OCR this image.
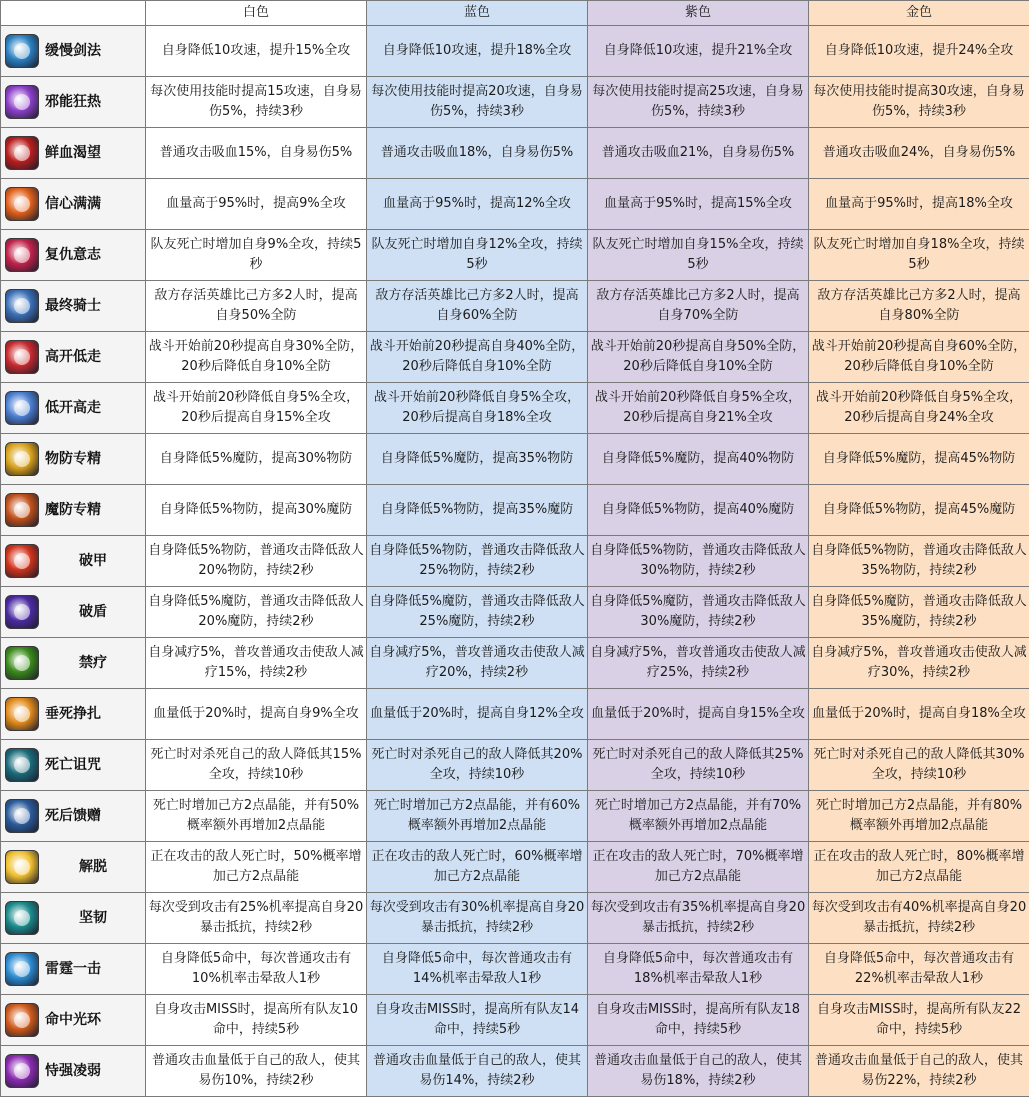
	白色	蓝色	紫色	金色

缓慢剑法	自身降低10攻速，提升15%全攻	自身降低10攻速，提升18%全攻	自身降低10攻速，提升21%全攻	自身降低10攻速，提升24%全攻

邪能狂热	每次使用技能时提高15攻速，自身易伤5%，持续3秒	每次使用技能时提高20攻速，自身易伤5%，持续3秒	每次使用技能时提高25攻速，自身易伤5%，持续3秒	每次使用技能时提高30攻速，自身易伤5%，持续3秒

鲜血渴望	普通攻击吸血15%，自身易伤5%	普通攻击吸血18%，自身易伤5%	普通攻击吸血21%，自身易伤5%	普通攻击吸血24%，自身易伤5%

信心满满	血量高于95%时，提高9%全攻	血量高于95%时，提高12%全攻	血量高于95%时，提高15%全攻	血量高于95%时，提高18%全攻

复仇意志	队友死亡时增加自身9%全攻，持续5秒	队友死亡时增加自身12%全攻，持续5秒	队友死亡时增加自身15%全攻，持续5秒	队友死亡时增加自身18%全攻，持续5秒

最终骑士	敌方存活英雄比己方多2人时，提高自身50%全防	敌方存活英雄比己方多2人时，提高自身60%全防	敌方存活英雄比己方多2人时，提高自身70%全防	敌方存活英雄比己方多2人时，提高自身80%全防

高开低走	战斗开始前20秒提高自身30%全防，20秒后降低自身10%全防	战斗开始前20秒提高自身40%全防，20秒后降低自身10%全防	战斗开始前20秒提高自身50%全防，20秒后降低自身10%全防	战斗开始前20秒提高自身60%全防，20秒后降低自身10%全防

低开高走	战斗开始前20秒降低自身5%全攻，20秒后提高自身15%全攻	战斗开始前20秒降低自身5%全攻，20秒后提高自身18%全攻	战斗开始前20秒降低自身5%全攻，20秒后提高自身21%全攻	战斗开始前20秒降低自身5%全攻，20秒后提高自身24%全攻

物防专精	自身降低5%魔防，提高30%物防	自身降低5%魔防，提高35%物防	自身降低5%魔防，提高40%物防	自身降低5%魔防，提高45%物防

魔防专精	自身降低5%物防，提高30%魔防	自身降低5%物防，提高35%魔防	自身降低5%物防，提高40%魔防	自身降低5%物防，提高45%魔防

破甲	自身降低5%物防，普通攻击降低敌人20%物防，持续2秒	自身降低5%物防，普通攻击降低敌人25%物防，持续2秒	自身降低5%物防，普通攻击降低敌人30%物防，持续2秒	自身降低5%物防，普通攻击降低敌人35%物防，持续2秒

破盾	自身降低5%魔防，普通攻击降低敌人20%魔防，持续2秒	自身降低5%魔防，普通攻击降低敌人25%魔防，持续2秒	自身降低5%魔防，普通攻击降低敌人30%魔防，持续2秒	自身降低5%魔防，普通攻击降低敌人35%魔防，持续2秒

禁疗	自身减疗5%，普攻普通攻击使敌人减疗15%，持续2秒	自身减疗5%，普攻普通攻击使敌人减疗20%，持续2秒	自身减疗5%，普攻普通攻击使敌人减疗25%，持续2秒	自身减疗5%，普攻普通攻击使敌人减疗30%，持续2秒

垂死挣扎	血量低于20%时，提高自身9%全攻	血量低于20%时，提高自身12%全攻	血量低于20%时，提高自身15%全攻	血量低于20%时，提高自身18%全攻

死亡诅咒	死亡时对杀死自己的敌人降低其15%全攻，持续10秒	死亡时对杀死自己的敌人降低其20%全攻，持续10秒	死亡时对杀死自己的敌人降低其25%全攻，持续10秒	死亡时对杀死自己的敌人降低其30%全攻，持续10秒

死后馈赠	死亡时增加己方2点晶能，并有50%概率额外再增加2点晶能	死亡时增加己方2点晶能，并有60%概率额外再增加2点晶能	死亡时增加己方2点晶能，并有70%概率额外再增加2点晶能	死亡时增加己方2点晶能，并有80%概率额外再增加2点晶能

解脱	正在攻击的敌人死亡时，50%概率增加己方2点晶能	正在攻击的敌人死亡时，60%概率增加己方2点晶能	正在攻击的敌人死亡时，70%概率增加己方2点晶能	正在攻击的敌人死亡时，80%概率增加己方2点晶能

坚韧	每次受到攻击有25%机率提高自身20暴击抵抗，持续2秒	每次受到攻击有30%机率提高自身20暴击抵抗，持续2秒	每次受到攻击有35%机率提高自身20暴击抵抗，持续2秒	每次受到攻击有40%机率提高自身20暴击抵抗，持续2秒

雷霆一击	自身降低5命中，每次普通攻击有10%机率击晕敌人1秒	自身降低5命中，每次普通攻击有14%机率击晕敌人1秒	自身降低5命中，每次普通攻击有18%机率击晕敌人1秒	自身降低5命中，每次普通攻击有22%机率击晕敌人1秒

命中光环	自身攻击MISS时，提高所有队友10命中，持续5秒	自身攻击MISS时，提高所有队友14命中，持续5秒	自身攻击MISS时，提高所有队友18命中，持续5秒	自身攻击MISS时，提高所有队友22命中，持续5秒

恃强凌弱	普通攻击血量低于自己的敌人，使其易伤10%，持续2秒	普通攻击血量低于自己的敌人，使其易伤14%，持续2秒	普通攻击血量低于自己的敌人，使其易伤18%，持续2秒	普通攻击血量低于自己的敌人，使其易伤22%，持续2秒
